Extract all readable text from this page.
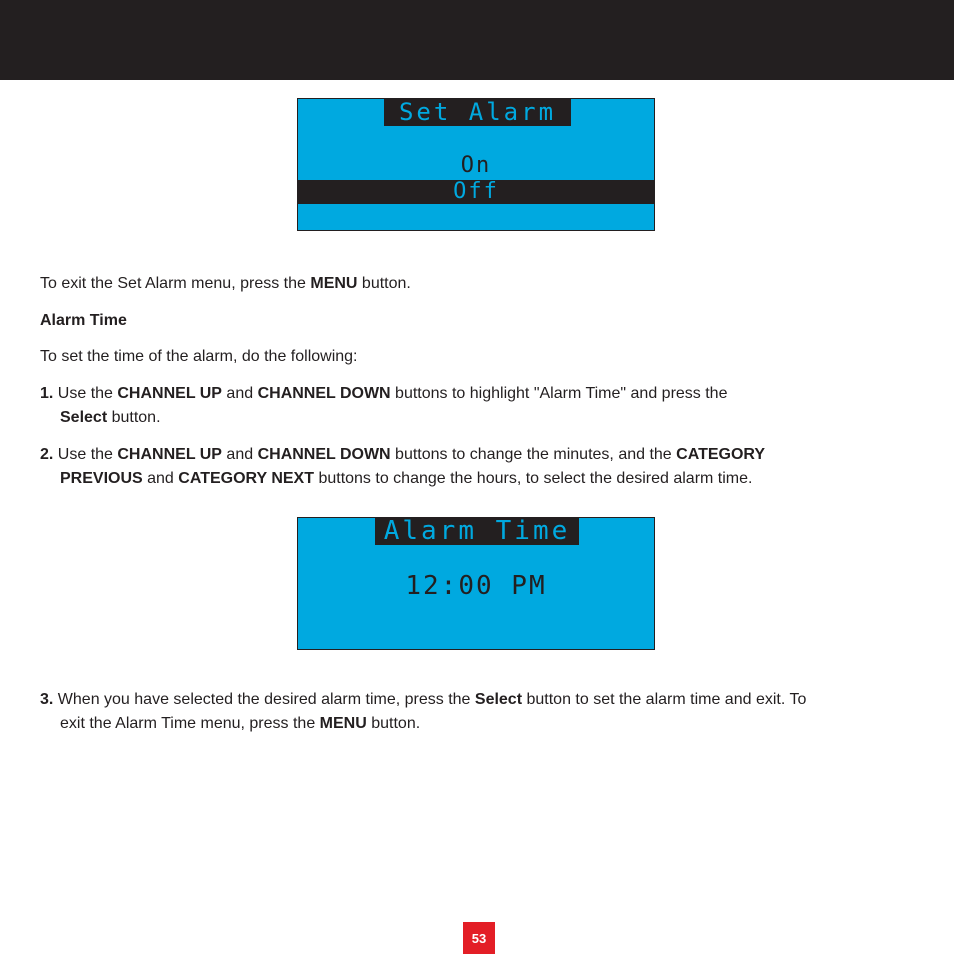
Set Alarm
On
Off
To exit the Set Alarm menu, press the MENU button.
Alarm Time
To set the time of the alarm, do the following:
1. Use the CHANNEL UP and CHANNEL DOWN buttons to highlight "Alarm Time" and press the
Select button.
2. Use the CHANNEL UP and CHANNEL DOWN buttons to change the minutes, and the CATEGORY
PREVIOUS and CATEGORY NEXT buttons to change the hours, to select the desired alarm time.
Alarm Time
12:00 PM
3. When you have selected the desired alarm time, press the Select button to set the alarm time and exit. To
exit the Alarm Time menu, press the MENU button.
53
